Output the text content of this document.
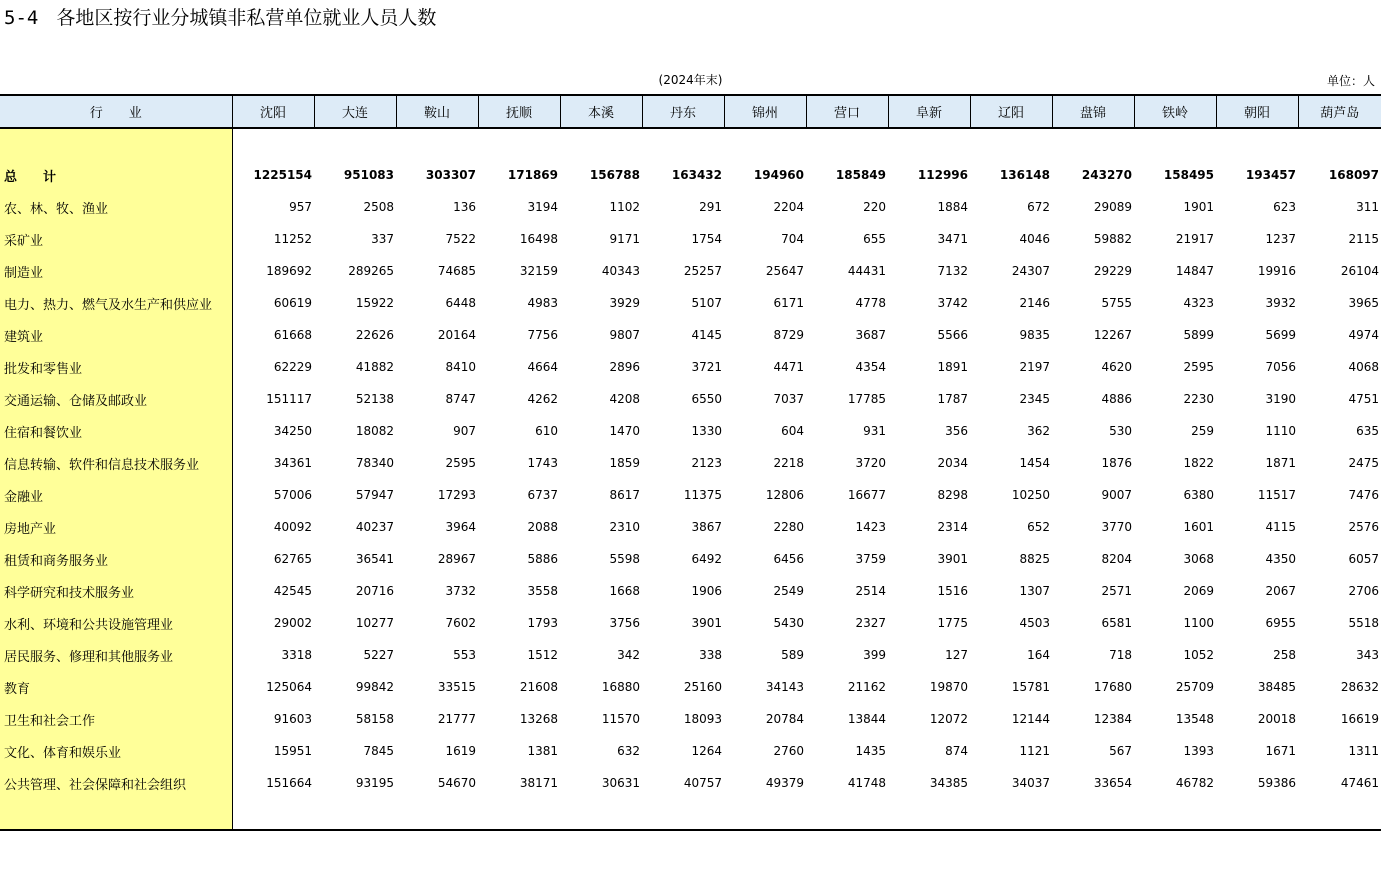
5-4 各地区按行业分城镇非私营单位就业人员人数
(2024年末)	单位：人
行　　业	沈阳	大连	鞍山	抚顺	本溪	丹东	锦州	营口	阜新	辽阳	盘锦	铁岭	朝阳	葫芦岛

总　　计	1225154	951083	303307	171869	156788	163432	194960	185849	112996	136148	243270	158495	193457	168097
农、林、牧、渔业	957	2508	136	3194	1102	291	2204	220	1884	672	29089	1901	623	311
采矿业	11252	337	7522	16498	9171	1754	704	655	3471	4046	59882	21917	1237	2115
制造业	189692	289265	74685	32159	40343	25257	25647	44431	7132	24307	29229	14847	19916	26104
电力、热力、燃气及水生产和供应业	60619	15922	6448	4983	3929	5107	6171	4778	3742	2146	5755	4323	3932	3965
建筑业	61668	22626	20164	7756	9807	4145	8729	3687	5566	9835	12267	5899	5699	4974
批发和零售业	62229	41882	8410	4664	2896	3721	4471	4354	1891	2197	4620	2595	7056	4068
交通运输、仓储及邮政业	151117	52138	8747	4262	4208	6550	7037	17785	1787	2345	4886	2230	3190	4751
住宿和餐饮业	34250	18082	907	610	1470	1330	604	931	356	362	530	259	1110	635
信息转输、软件和信息技术服务业	34361	78340	2595	1743	1859	2123	2218	3720	2034	1454	1876	1822	1871	2475
金融业	57006	57947	17293	6737	8617	11375	12806	16677	8298	10250	9007	6380	11517	7476
房地产业	40092	40237	3964	2088	2310	3867	2280	1423	2314	652	3770	1601	4115	2576
租赁和商务服务业	62765	36541	28967	5886	5598	6492	6456	3759	3901	8825	8204	3068	4350	6057
科学研究和技术服务业	42545	20716	3732	3558	1668	1906	2549	2514	1516	1307	2571	2069	2067	2706
水利、环境和公共设施管理业	29002	10277	7602	1793	3756	3901	5430	2327	1775	4503	6581	1100	6955	5518
居民服务、修理和其他服务业	3318	5227	553	1512	342	338	589	399	127	164	718	1052	258	343
教育	125064	99842	33515	21608	16880	25160	34143	21162	19870	15781	17680	25709	38485	28632
卫生和社会工作	91603	58158	21777	13268	11570	18093	20784	13844	12072	12144	12384	13548	20018	16619
文化、体育和娱乐业	15951	7845	1619	1381	632	1264	2760	1435	874	1121	567	1393	1671	1311
公共管理、社会保障和社会组织	151664	93195	54670	38171	30631	40757	49379	41748	34385	34037	33654	46782	59386	47461
